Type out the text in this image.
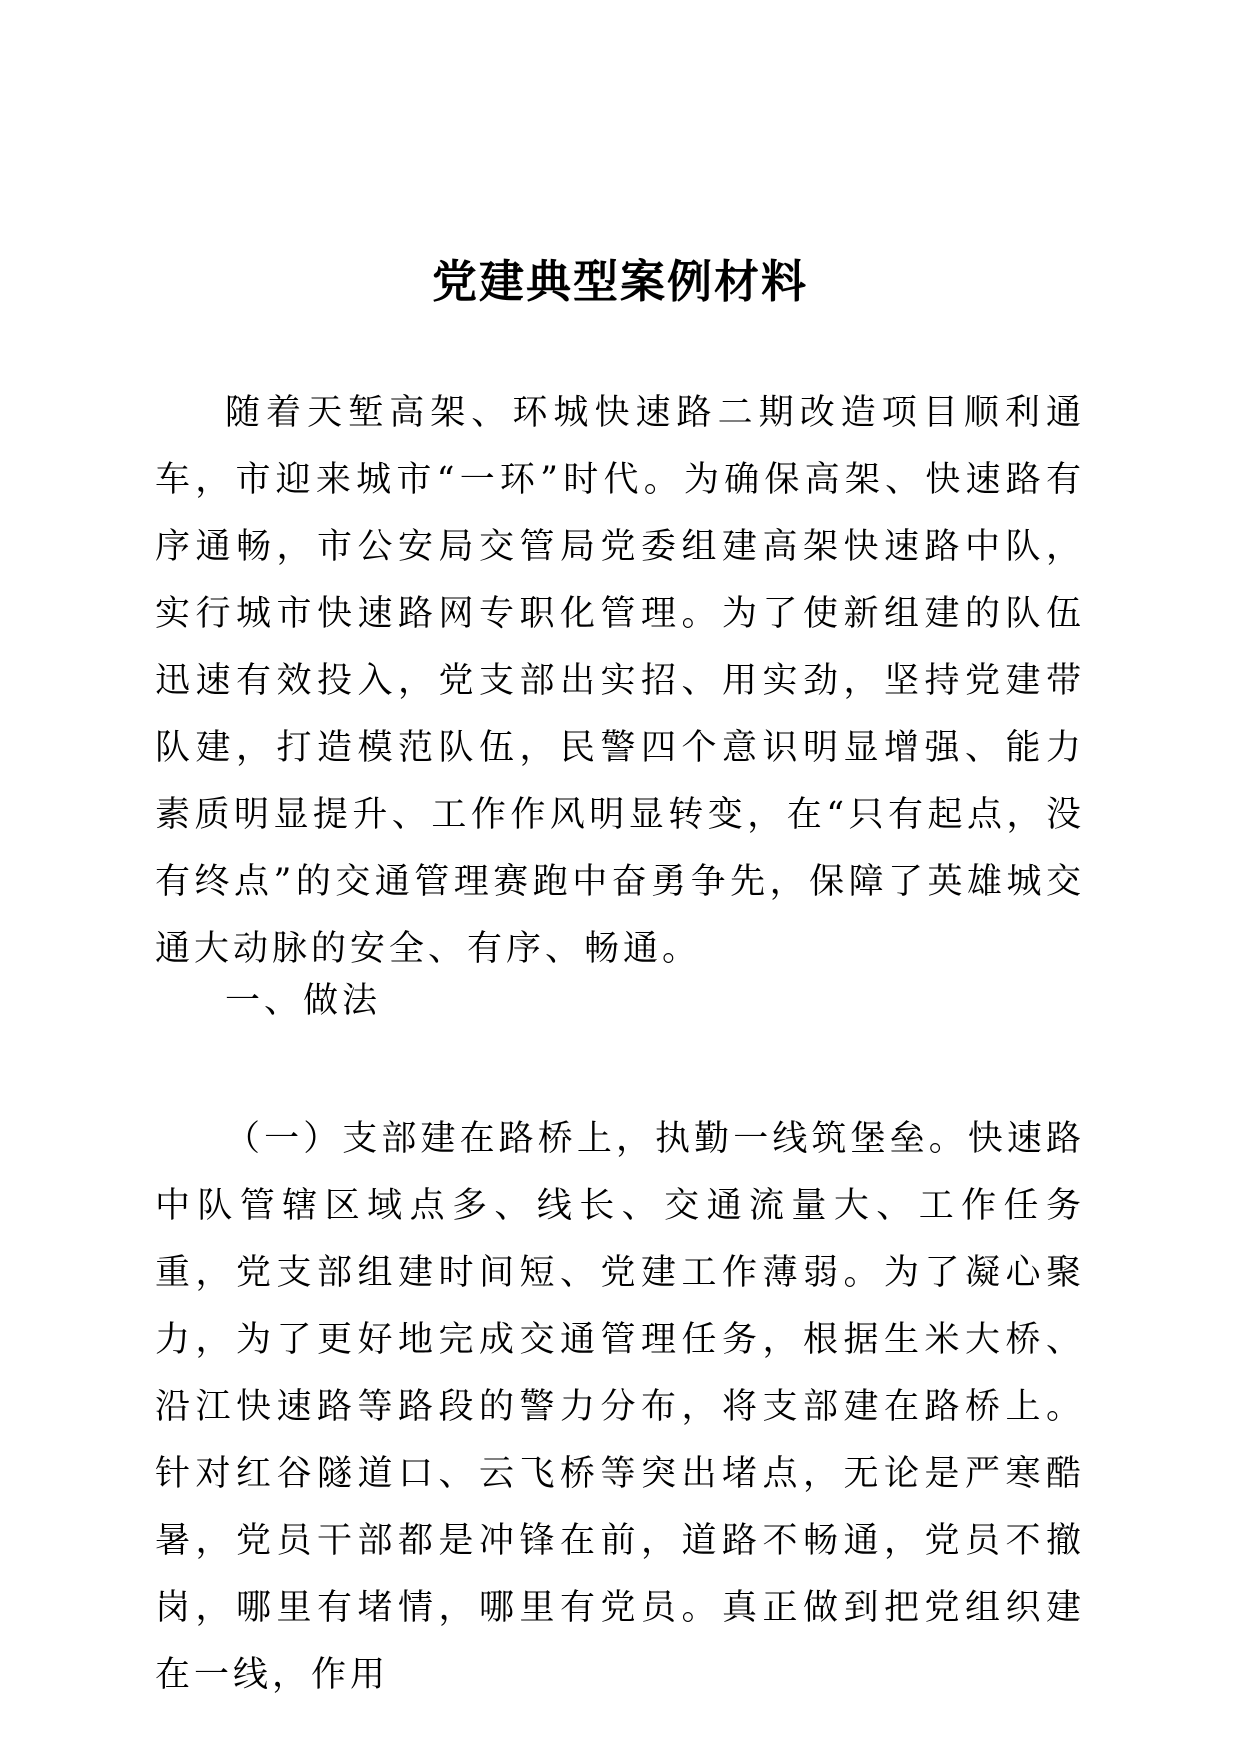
党建典型案例材料

随着天堑高架、环城快速路二期改造项目顺利通车，市迎来城市“一环”时代。为确保高架、快速路有序通畅，市公安局交管局党委组建高架快速路中队，实行城市快速路网专职化管理。为了使新组建的队伍迅速有效投入，党支部出实招、用实劲，坚持党建带队建，打造模范队伍，民警四个意识明显增强、能力素质明显提升、工作作风明显转变，在“只有起点，没有终点”的交通管理赛跑中奋勇争先，保障了英雄城交通大动脉的安全、有序、畅通。

一、做法

（一）支部建在路桥上，执勤一线筑堡垒。快速路中队管辖区域点多、线长、交通流量大、工作任务重，党支部组建时间短、党建工作薄弱。为了凝心聚力，为了更好地完成交通管理任务，根据生米大桥、沿江快速路等路段的警力分布，将支部建在路桥上。针对红谷隧道口、云飞桥等突出堵点，无论是严寒酷暑，党员干部都是冲锋在前，道路不畅通，党员不撤岗，哪里有堵情，哪里有党员。真正做到把党组织建在一线，作用
